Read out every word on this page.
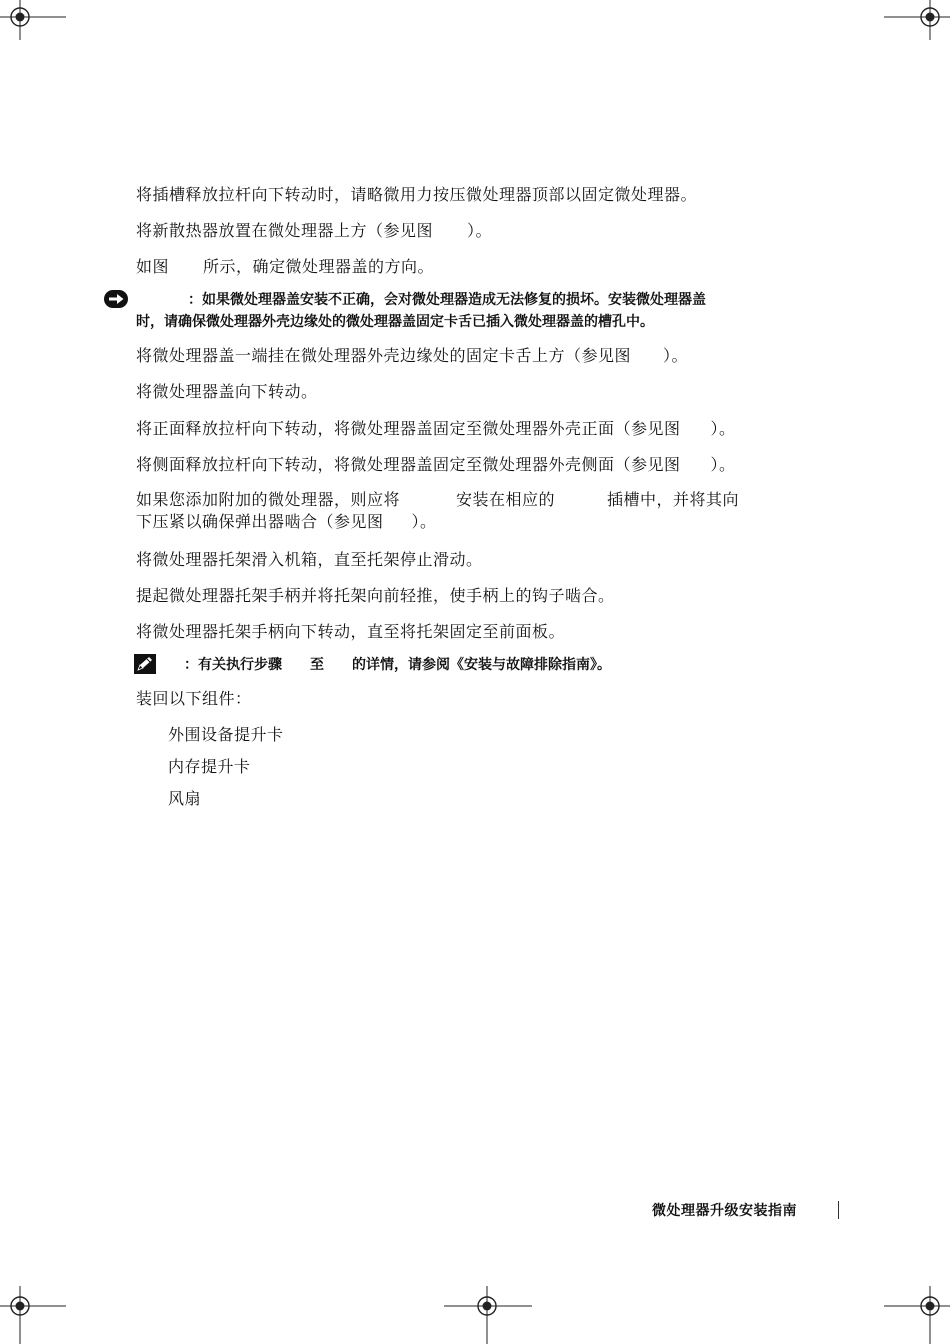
将插槽释放拉杆向下转动时，请略微用力按压微处理器顶部以固定微处理器。
将新散热器放置在微处理器上方（参见图 ）。
如图 所示，确定微处理器盖的方向。
：如果微处理器盖安装不正确，会对微处理器造成无法修复的损坏。安装微处理器盖
时，请确保微处理器外壳边缘处的微处理器盖固定卡舌已插入微处理器盖的槽孔中。
将微处理器盖一端挂在微处理器外壳边缘处的固定卡舌上方（参见图 ）。
将微处理器盖向下转动。
将正面释放拉杆向下转动，将微处理器盖固定至微处理器外壳正面（参见图 ）。
将侧面释放拉杆向下转动，将微处理器盖固定至微处理器外壳侧面（参见图 ）。
如果您添加附加的微处理器，则应将	安装在相应的	插槽中，并将其向
下压紧以确保弹出器啮合（参见图 ）。
将微处理器托架滑入机箱，直至托架停止滑动。
提起微处理器托架手柄并将托架向前轻推，使手柄上的钩子啮合。
将微处理器托架手柄向下转动，直至将托架固定至前面板。
：有关执行步骤 至 的详情，请参阅《安装与故障排除指南》。
装回以下组件：
外围设备提升卡
内存提升卡
风扇
微处理器升级安装指南
